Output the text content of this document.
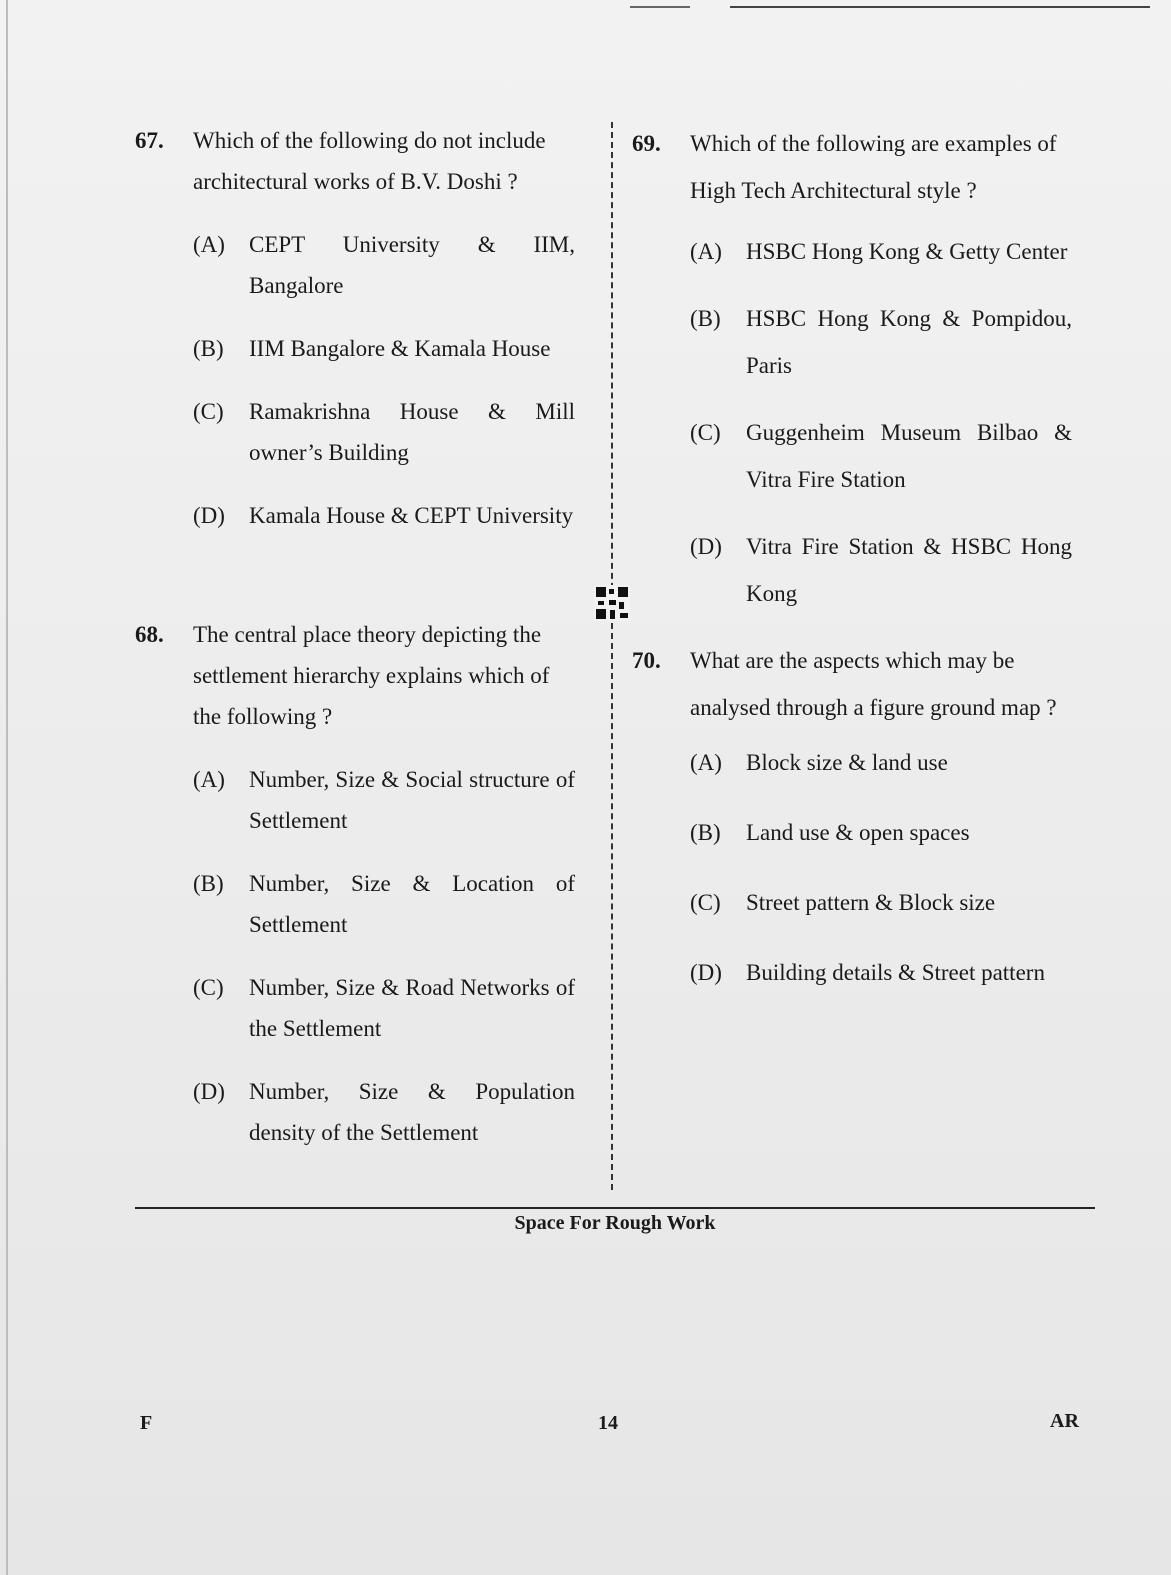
67.	Which of the following do not include architectural works of B.V. Doshi ?
(A)	CEPT University & IIM, Bangalore
(B)	IIM Bangalore & Kamala House
(C)	Ramakrishna House & Mill owner’s Building
(D)	Kamala House & CEPT University
68.	The central place theory depicting the settlement hierarchy explains which of the following ?
(A)	Number, Size & Social structure of Settlement
(B)	Number, Size & Location of Settlement
(C)	Number, Size & Road Networks of the Settlement
(D)	Number, Size & Population density of the Settlement
69.	Which of the following are examples of High Tech Architectural style ?
(A)	HSBC Hong Kong & Getty Center
(B)	HSBC Hong Kong & Pompidou, Paris
(C)	Guggenheim Museum Bilbao & Vitra Fire Station
(D)	Vitra Fire Station & HSBC Hong Kong
70.	What are the aspects which may be analysed through a figure ground map ?
(A)	Block size & land use
(B)	Land use & open spaces
(C)	Street pattern & Block size
(D)	Building details & Street pattern
Space For Rough Work
F	14	AR
